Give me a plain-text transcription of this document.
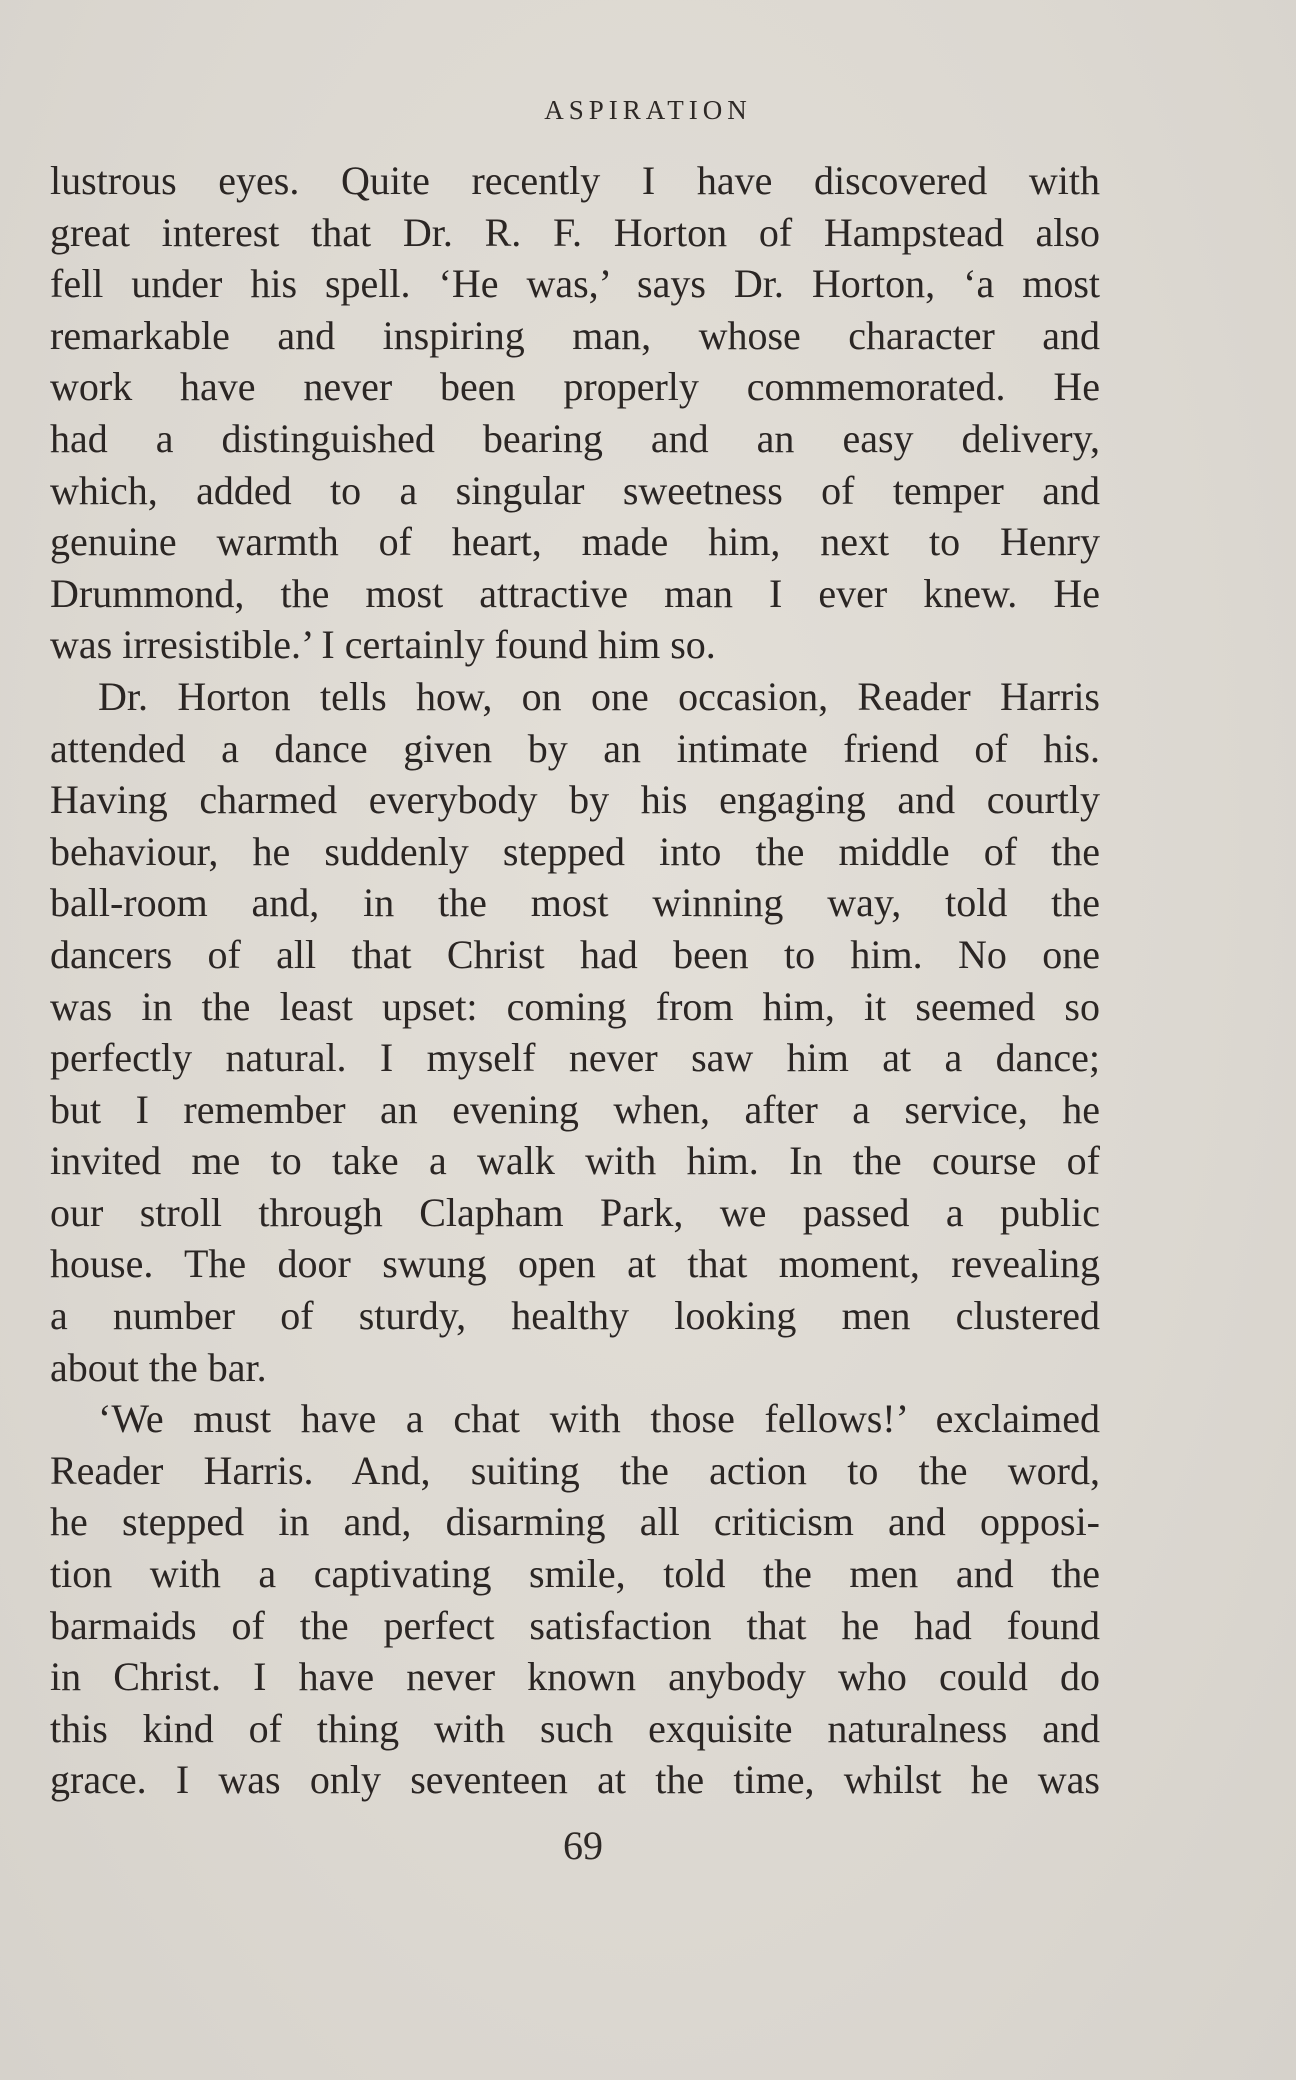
ASPIRATION
lustrous eyes. Quite recently I have discovered with
great interest that Dr. R. F. Horton of Hampstead also
fell under his spell. ‘He was,’ says Dr. Horton, ‘a most
remarkable and inspiring man, whose character and
work have never been properly commemorated. He
had a distinguished bearing and an easy delivery,
which, added to a singular sweetness of temper and
genuine warmth of heart, made him, next to Henry
Drummond, the most attractive man I ever knew. He
was irresistible.’ I certainly found him so.
Dr. Horton tells how, on one occasion, Reader Harris
attended a dance given by an intimate friend of his.
Having charmed everybody by his engaging and courtly
behaviour, he suddenly stepped into the middle of the
ball-room and, in the most winning way, told the
dancers of all that Christ had been to him. No one
was in the least upset: coming from him, it seemed so
perfectly natural. I myself never saw him at a dance;
but I remember an evening when, after a service, he
invited me to take a walk with him. In the course of
our stroll through Clapham Park, we passed a public
house. The door swung open at that moment, revealing
a number of sturdy, healthy looking men clustered
about the bar.
‘We must have a chat with those fellows!’ exclaimed
Reader Harris. And, suiting the action to the word,
he stepped in and, disarming all criticism and opposi-
tion with a captivating smile, told the men and the
barmaids of the perfect satisfaction that he had found
in Christ. I have never known anybody who could do
this kind of thing with such exquisite naturalness and
grace. I was only seventeen at the time, whilst he was
69
